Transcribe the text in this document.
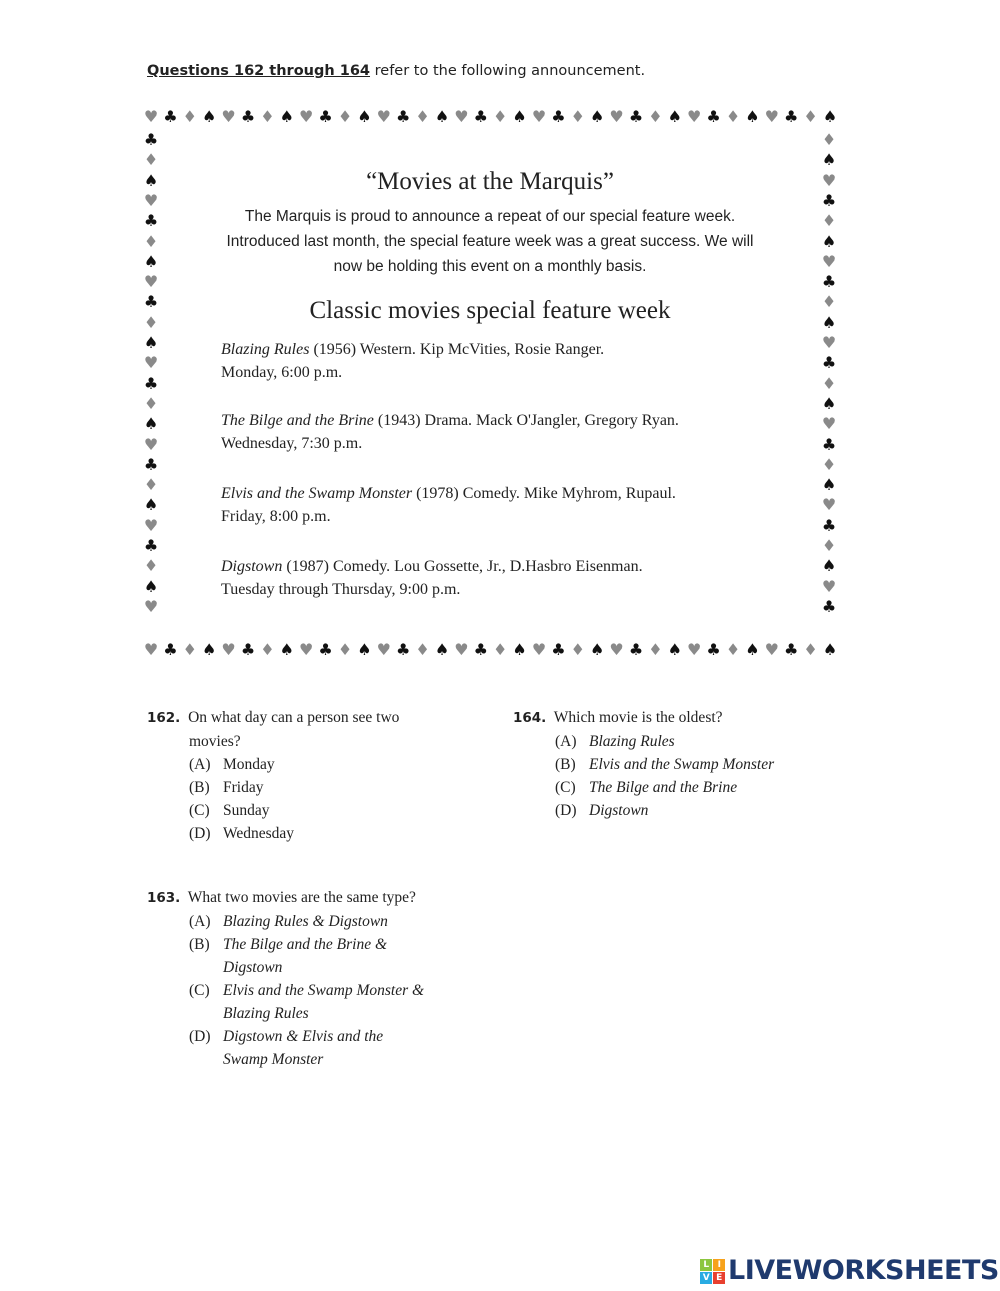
Questions 162 through 164 refer to the following announcement.
♥ ♣ ♦ ♠ ♥ ♣ ♦ ♠ ♥ ♣ ♦ ♠ ♥ ♣ ♦ ♠ ♥ ♣ ♦ ♠ ♥ ♣ ♦ ♠ ♥ ♣ ♦ ♠ ♥ ♣ ♦ ♠ ♥ ♣ ♦ ♠
♣
♦
♠
♥
♣
♦
♠
♥
♣
♦
♠
♥
♣
♦
♠
♥
♣
♦
♠
♥
♣
♦
♠
♥
♦
♠
♥
♣
♦
♠
♥
♣
♦
♠
♥
♣
♦
♠
♥
♣
♦
♠
♥
♣
♦
♠
♥
♣
♥ ♣ ♦ ♠ ♥ ♣ ♦ ♠ ♥ ♣ ♦ ♠ ♥ ♣ ♦ ♠ ♥ ♣ ♦ ♠ ♥ ♣ ♦ ♠ ♥ ♣ ♦ ♠ ♥ ♣ ♦ ♠ ♥ ♣ ♦ ♠
“Movies at the Marquis”
The Marquis is proud to announce a repeat of our special feature week.
Introduced last month, the special feature week was a great success. We will
now be holding this event on a monthly basis.
Classic movies special feature week
Blazing Rules (1956) Western. Kip McVities, Rosie Ranger.
Monday, 6:00 p.m.
The Bilge and the Brine (1943) Drama. Mack O'Jangler, Gregory Ryan.
Wednesday, 7:30 p.m.
Elvis and the Swamp Monster (1978) Comedy. Mike Myhrom, Rupaul.
Friday, 8:00 p.m.
Digstown (1987) Comedy. Lou Gossette, Jr., D.Hasbro Eisenman.
Tuesday through Thursday, 9:00 p.m.
162. On what day can a person see two
movies?
(A) Monday
(B) Friday
(C) Sunday
(D) Wednesday
163. What two movies are the same type?
(A) Blazing Rules & Digstown
(B) The Bilge and the Brine &
Digstown
(C) Elvis and the Swamp Monster &
Blazing Rules
(D) Digstown & Elvis and the
Swamp Monster
164. Which movie is the oldest?
(A) Blazing Rules
(B) Elvis and the Swamp Monster
(C) The Bilge and the Brine
(D) Digstown
L I
V E LIVEWORKSHEETS
